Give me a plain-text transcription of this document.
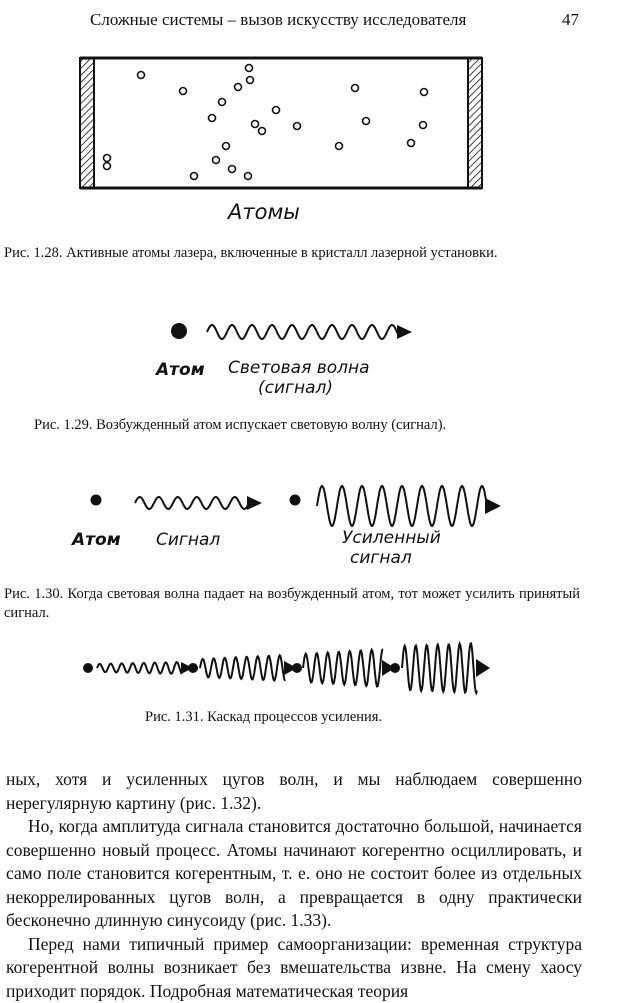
Сложные системы – вызов искусству исследователя	47
Атомы
Рис. 1.28. Активные атомы лазера, включенные в кристалл лазерной установки.
Атом Световая волна
(сигнал)
Рис. 1.29. Возбужденный атом испускает световую волну (сигнал).
Атом Сигнал	Усиленный
сигнал
Рис. 1.30. Когда световая волна падает на возбужденный атом, тот может усилить принятый сигнал.
Рис. 1.31. Каскад процессов усиления.

ных, хотя и усиленных цугов волн, и мы наблюдаем совершенно нерегулярную картину (рис. 1.32).

Но, когда амплитуда сигнала становится достаточно большой, начинается совершенно новый процесс. Атомы начинают когерентно осциллировать, и само поле становится когерентным, т. е. оно не состоит более из отдельных некоррелированных цугов волн, а превращается в одну практически бесконечно длинную синусоиду (рис. 1.33).

Перед нами типичный пример самоорганизации: временная структура когерентной волны возникает без вмешательства извне. На смену хаосу приходит порядок. Подробная математическая теория
